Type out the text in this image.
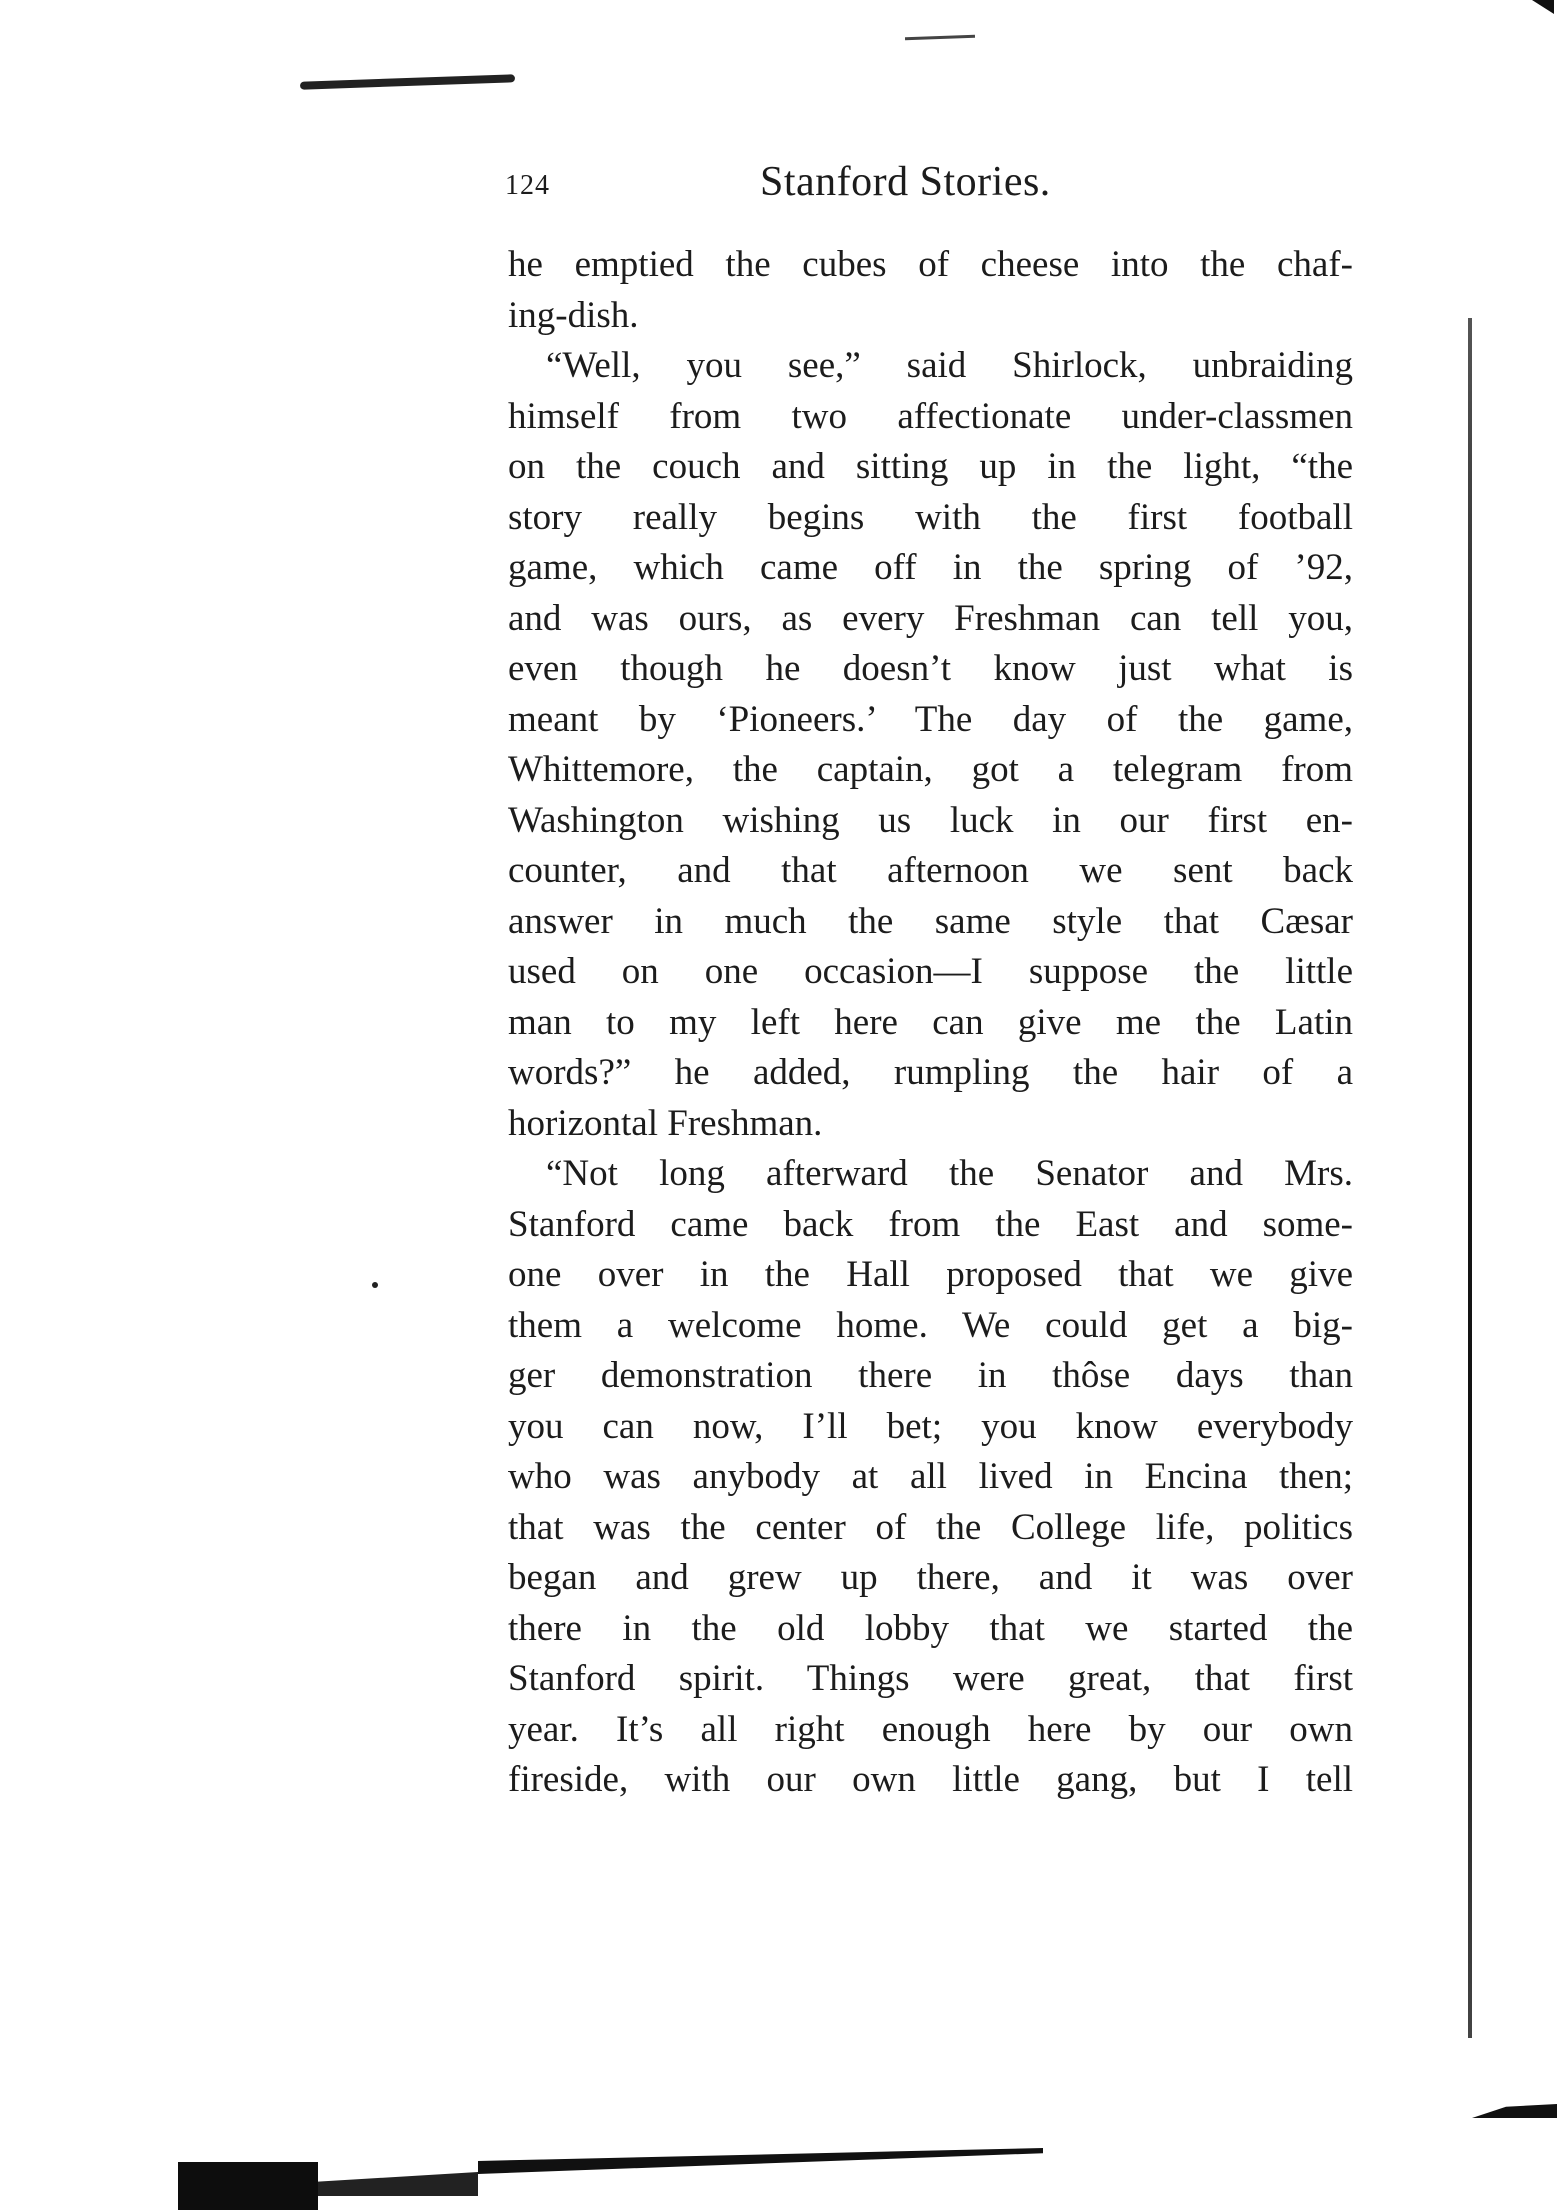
124	Stanford Stories.
he emptied the cubes of cheese into the chaf-
ing-dish.
“Well, you see,” said Shirlock, unbraiding
himself from two affectionate under-classmen
on the couch and sitting up in the light, “the
story really begins with the first football
game, which came off in the spring of ’92,
and was ours, as every Freshman can tell you,
even though he doesn’t know just what is
meant by ‘Pioneers.’ The day of the game,
Whittemore, the captain, got a telegram from
Washington wishing us luck in our first en-
counter, and that afternoon we sent back
answer in much the same style that Cæsar
used on one occasion—I suppose the little
man to my left here can give me the Latin
words?” he added, rumpling the hair of a
horizontal Freshman.
“Not long afterward the Senator and Mrs.
Stanford came back from the East and some-
one over in the Hall proposed that we give
them a welcome home. We could get a big-
ger demonstration there in thôse days than
you can now, I’ll bet; you know everybody
who was anybody at all lived in Encina then;
that was the center of the College life, politics
began and grew up there, and it was over
there in the old lobby that we started the
Stanford spirit. Things were great, that first
year. It’s all right enough here by our own
fireside, with our own little gang, but I tell
